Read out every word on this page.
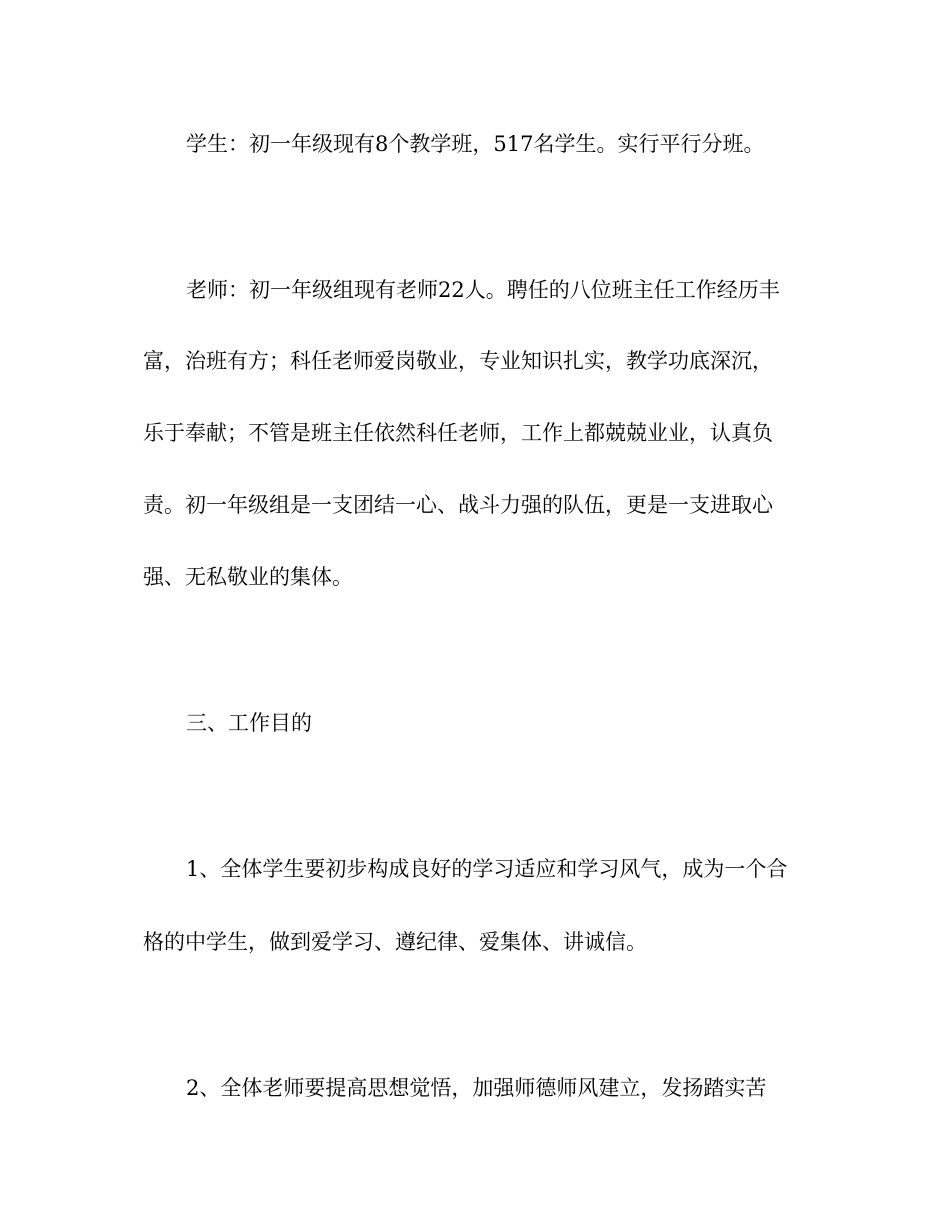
学生：初一年级现有8个教学班，517名学生。实行平行分班。
老师：初一年级组现有老师22人。聘任的八位班主任工作经历丰
富，治班有方；科任老师爱岗敬业，专业知识扎实，教学功底深沉，
乐于奉献；不管是班主任依然科任老师，工作上都兢兢业业，认真负
责。初一年级组是一支团结一心、战斗力强的队伍，更是一支进取心
强、无私敬业的集体。
三、工作目的
1、全体学生要初步构成良好的学习适应和学习风气，成为一个合
格的中学生，做到爱学习、遵纪律、爱集体、讲诚信。
2、全体老师要提高思想觉悟，加强师德师风建立，发扬踏实苦
